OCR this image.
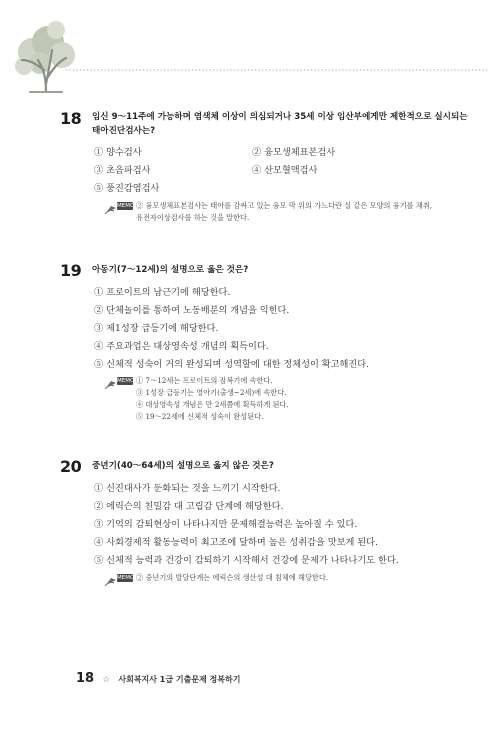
18 임신 9～11주에 가능하며 염색체 이상이 의심되거나 35세 이상 임산부에게만 제한적으로 실시되는
태아진단검사는?
① 양수검사	② 융모생체표본검사
③ 초음파검사	④ 산모혈액검사
⑤ 풍진감염검사
MEMO ② 융모생체표본검사는 태아를 감싸고 있는 융모 막 위의 가느다란 실 같은 모양의 융기를 채취,
유전자이상검사를 하는 것을 말한다.
19 아동기(7～12세)의 설명으로 옳은 것은?
① 프로이트의 남근기에 해당한다.
② 단체놀이를 통하여 노동배분의 개념을 익힌다.
③ 제1성장 급등기에 해당한다.
④ 주요과업은 대상영속성 개념의 획득이다.
⑤ 신체적 성숙이 거의 완성되며 성역할에 대한 정체성이 확고해진다.
MEMO ① 7～12세는 프로이트의 잠복기에 속한다.
③ 1성장 급등기는 영아기(출생~2세)에 속한다.
④ 대상영속성 개념은 만 2세쯤에 획득하게 된다.
⑤ 19～22세에 신체적 성숙이 완성된다.
20 중년기(40～64세)의 설명으로 옳지 않은 것은?
① 신진대사가 둔화되는 것을 느끼기 시작한다.
② 에릭슨의 친밀감 대 고립감 단계에 해당한다.
③ 기억의 감퇴현상이 나타나지만 문제해결능력은 높아질 수 있다.
④ 사회경제적 활동능력이 최고조에 달하며 높은 성취감을 맛보게 된다.
⑤ 신체적 능력과 건강이 감퇴하기 시작해서 건강에 문제가 나타나기도 한다.
MEMO ② 중년기의 발달단계는 에릭슨의 생산성 대 침체에 해당한다.
18 ☆ 사회복지사 1급 기출문제 정복하기
